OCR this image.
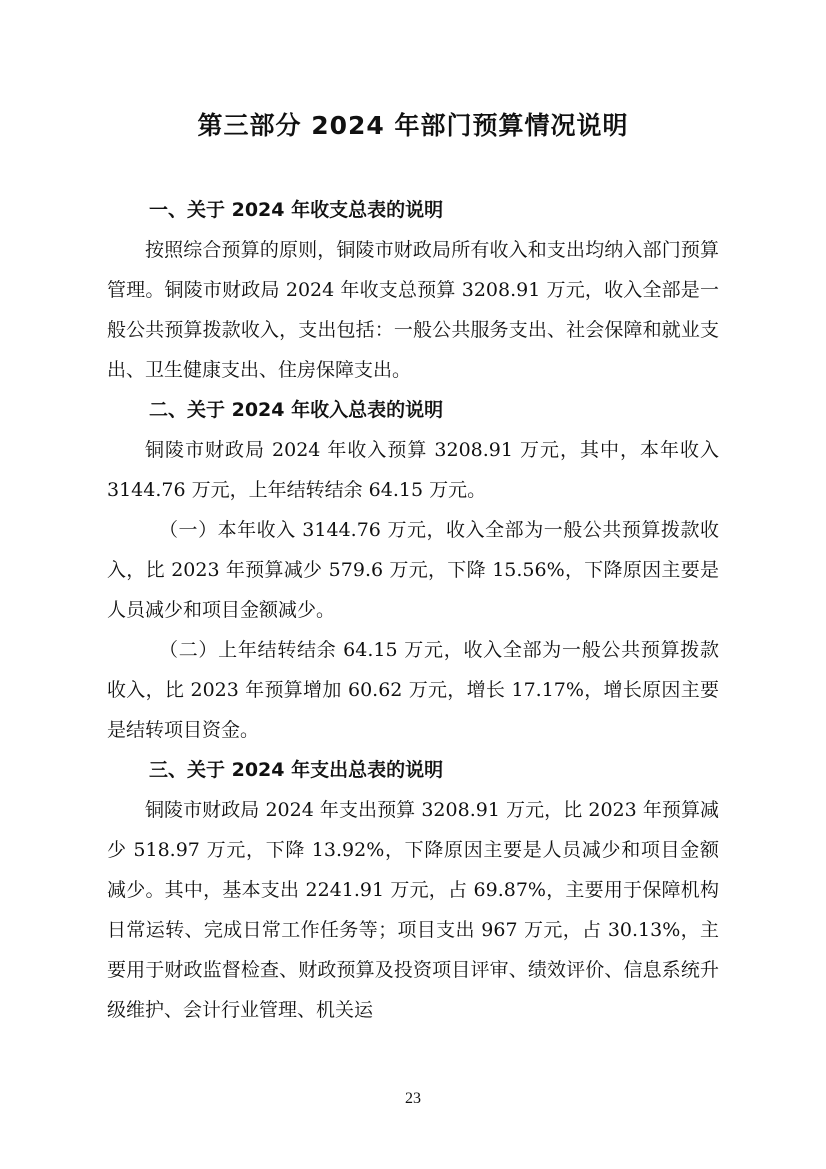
第三部分 2024 年部门预算情况说明
一、关于 2024 年收支总表的说明
按照综合预算的原则，铜陵市财政局所有收入和支出均纳入部门预算管理。铜陵市财政局 2024 年收支总预算 3208.91 万元，收入全部是一般公共预算拨款收入，支出包括：一般公共服务支出、社会保障和就业支出、卫生健康支出、住房保障支出。
二、关于 2024 年收入总表的说明
铜陵市财政局 2024 年收入预算 3208.91 万元，其中，本年收入 3144.76 万元，上年结转结余 64.15 万元。
（一）本年收入 3144.76 万元，收入全部为一般公共预算拨款收入，比 2023 年预算减少 579.6 万元，下降 15.56%，下降原因主要是人员减少和项目金额减少。
（二）上年结转结余 64.15 万元，收入全部为一般公共预算拨款收入，比 2023 年预算增加 60.62 万元，增长 17.17%，增长原因主要是结转项目资金。
三、关于 2024 年支出总表的说明
铜陵市财政局 2024 年支出预算 3208.91 万元，比 2023 年预算减少 518.97 万元，下降 13.92%，下降原因主要是人员减少和项目金额减少。其中，基本支出 2241.91 万元，占 69.87%，主要用于保障机构日常运转、完成日常工作任务等；项目支出 967 万元，占 30.13%，主要用于财政监督检查、财政预算及投资项目评审、绩效评价、信息系统升级维护、会计行业管理、机关运
23
